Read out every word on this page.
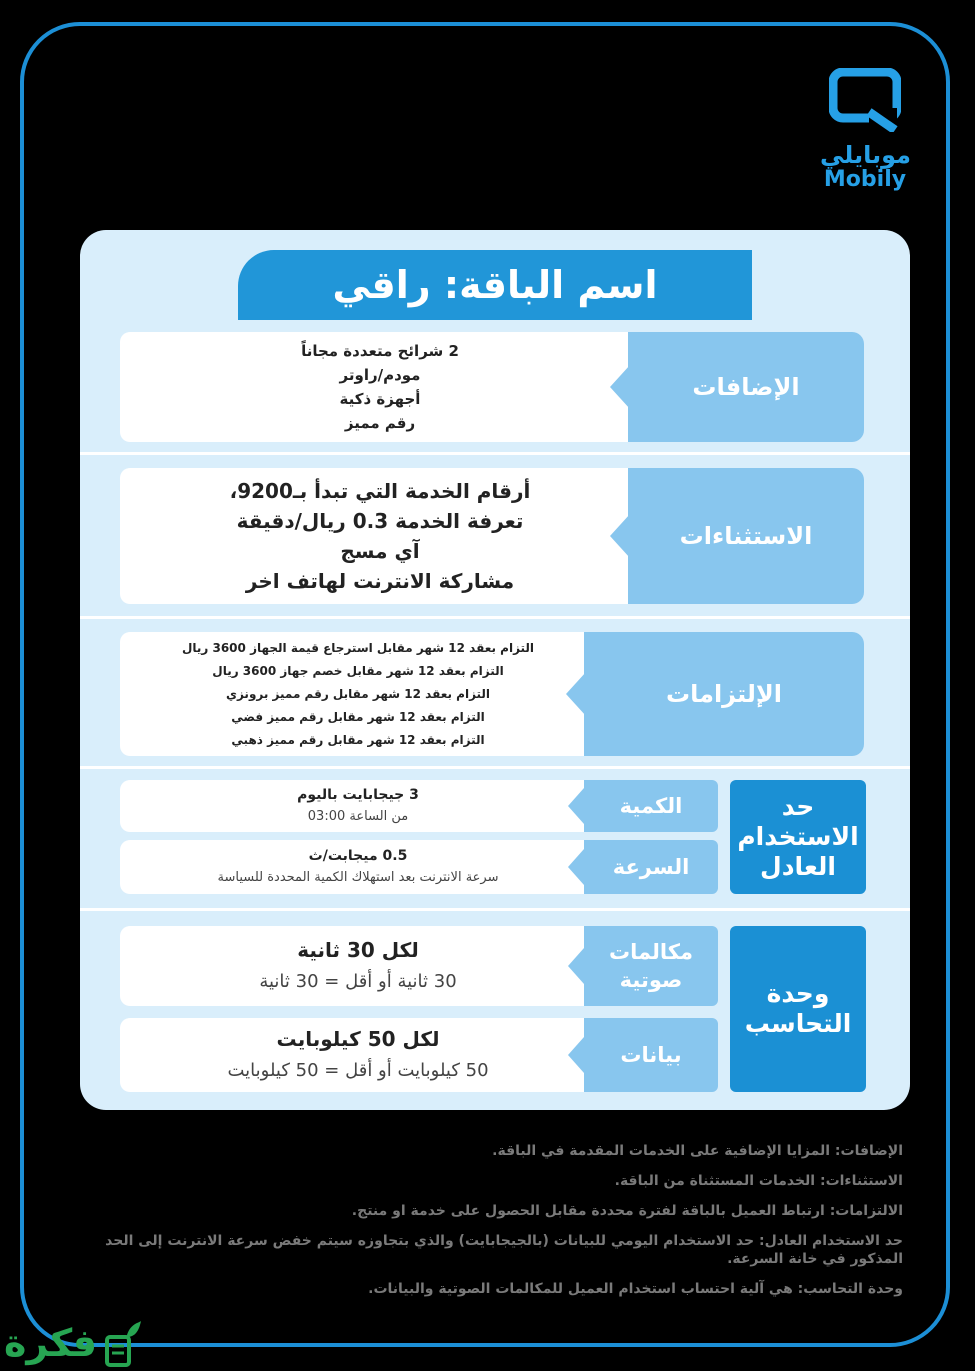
موبايلي
Mobily
اسم الباقة: راقي
2 شرائح متعددة مجاناً
مودم/راوتر
أجهزة ذكية
رقم مميز
الإضافات
أرقام الخدمة التي تبدأ بـ9200،
تعرفة الخدمة 0.3 ريال/دقيقة
آي مسج
مشاركة الانترنت لهاتف اخر
الاستثناءات
التزام بعقد 12 شهر مقابل استرجاع قيمة الجهاز 3600 ريال
التزام بعقد 12 شهر مقابل خصم جهاز 3600 ريال
التزام بعقد 12 شهر مقابل رقم مميز برونزي
التزام بعقد 12 شهر مقابل رقم مميز فضي
التزام بعقد 12 شهر مقابل رقم مميز ذهبي
الإلتزامات
حد الاستخدام العادل
3 جيجابايت باليوم
من الساعة 03:00	الكمية
0.5 ميجابت/ث
سرعة الانترنت بعد استهلاك الكمية المحددة للسياسة	السرعة
وحدة التحاسب
لكل 30 ثانية
30 ثانية أو أقل = 30 ثانية
مكالمات صوتية
لكل 50 كيلوبايت
50 كيلوبايت أو أقل = 50 كيلوبايت
بيانات
الإضافات: المزايا الإضافية على الخدمات المقدمة في الباقة.
الاستثناءات: الخدمات المستثناة من الباقة.
الالتزامات: ارتباط العميل بالباقة لفترة محددة مقابل الحصول على خدمة او منتج.
حد الاستخدام العادل: حد الاستخدام اليومي للبيانات (بالجيجابايت) والذي بتجاوزه سيتم خفض سرعة الانترنت إلى الحد المذكور في خانة السرعة.
وحدة التحاسب: هي آلية احتساب استخدام العميل للمكالمات الصوتية والبيانات.
فكرة
